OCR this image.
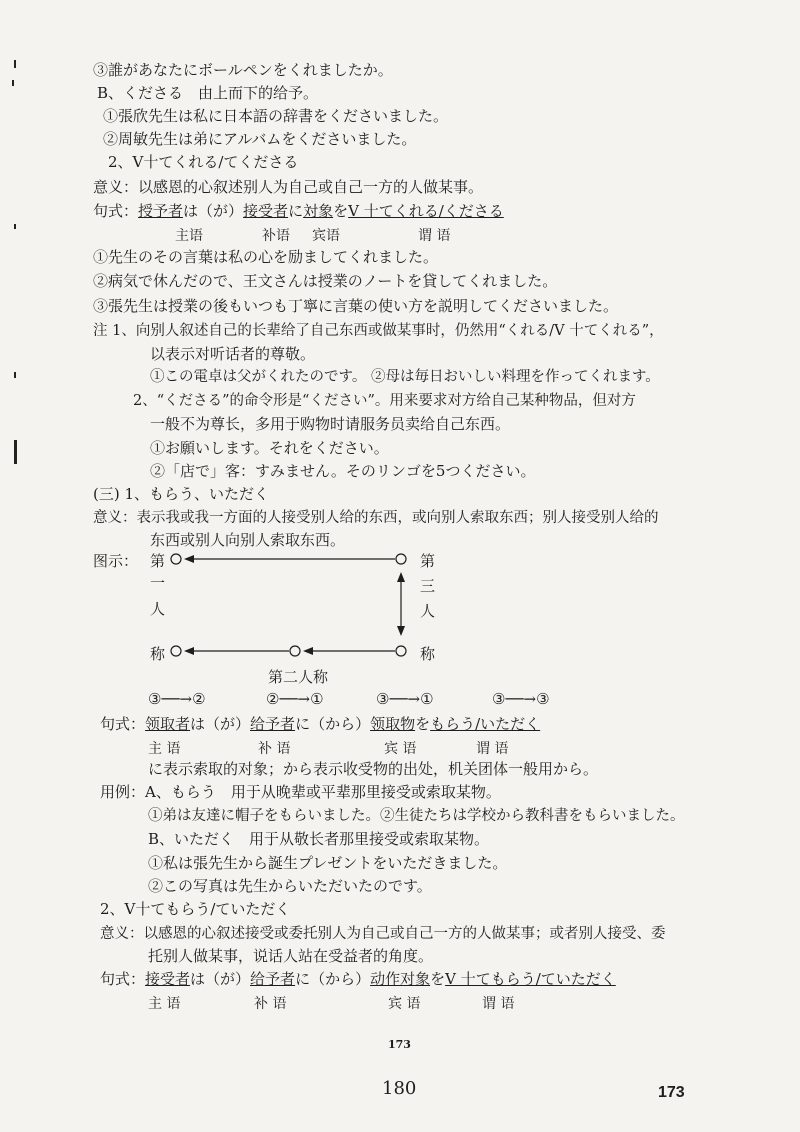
③誰があなたにボールペンをくれましたか。
B、くださる　由上而下的给予。
①張欣先生は私に日本語の辞書をくださいました。
②周敏先生は弟にアルバムをくださいました。
2、V十てくれる/てくださる
意义：以感恩的心叙述别人为自己或自己一方的人做某事。
句式：授予者は（が）接受者に対象をV 十てくれる/くださる
主语	补语 宾语	谓 语
①先生のその言葉は私の心を励ましてくれました。
②病気で休んだので、王文さんは授業のノートを貸してくれました。
③張先生は授業の後もいつも丁寧に言葉の使い方を説明してくださいました。
注 1、向别人叙述自己的长辈给了自己东西或做某事时，仍然用“くれる/V 十てくれる”，
以表示对听话者的尊敬。
①この電卓は父がくれたのです。 ②母は毎日おいしい料理を作ってくれます。
2、“くださる”的命令形是“ください”。用来要求对方给自己某种物品，但对方
一般不为尊长，多用于购物时请服务员卖给自己东西。
①お願いします。それをください。
②「店で」客：すみません。そのリンゴを5つください。
(三) 1、もらう、いただく
意义：表示我或我一方面的人接受别人给的东西，或向别人索取东西；别人接受别人给的
东西或别人向别人索取东西。
图示： 第
一
人
称
第
三
人
称
第二人称
③──→②	②──→①	③──→①	③──→③
句式：领取者は（が）给予者に（から）领取物をもらう/いただく
主 语	补 语	宾 语	谓 语
に表示索取的对象；から表示收受物的出处，机关团体一般用から。
用例：A、もらう　用于从晚辈或平辈那里接受或索取某物。
①弟は友達に帽子をもらいました。②生徒たちは学校から教科書をもらいました。
B、いただく　用于从敬长者那里接受或索取某物。
①私は張先生から誕生プレゼントをいただきました。
②この写真は先生からいただいたのです。
2、V十てもらう/ていただく
意义：以感恩的心叙述接受或委托别人为自己或自己一方的人做某事；或者别人接受、委
托别人做某事，说话人站在受益者的角度。
句式：接受者は（が）给予者に（から）动作对象をV 十てもらう/ていただく
主 语	补 语	宾 语	谓 语
173
180	173
